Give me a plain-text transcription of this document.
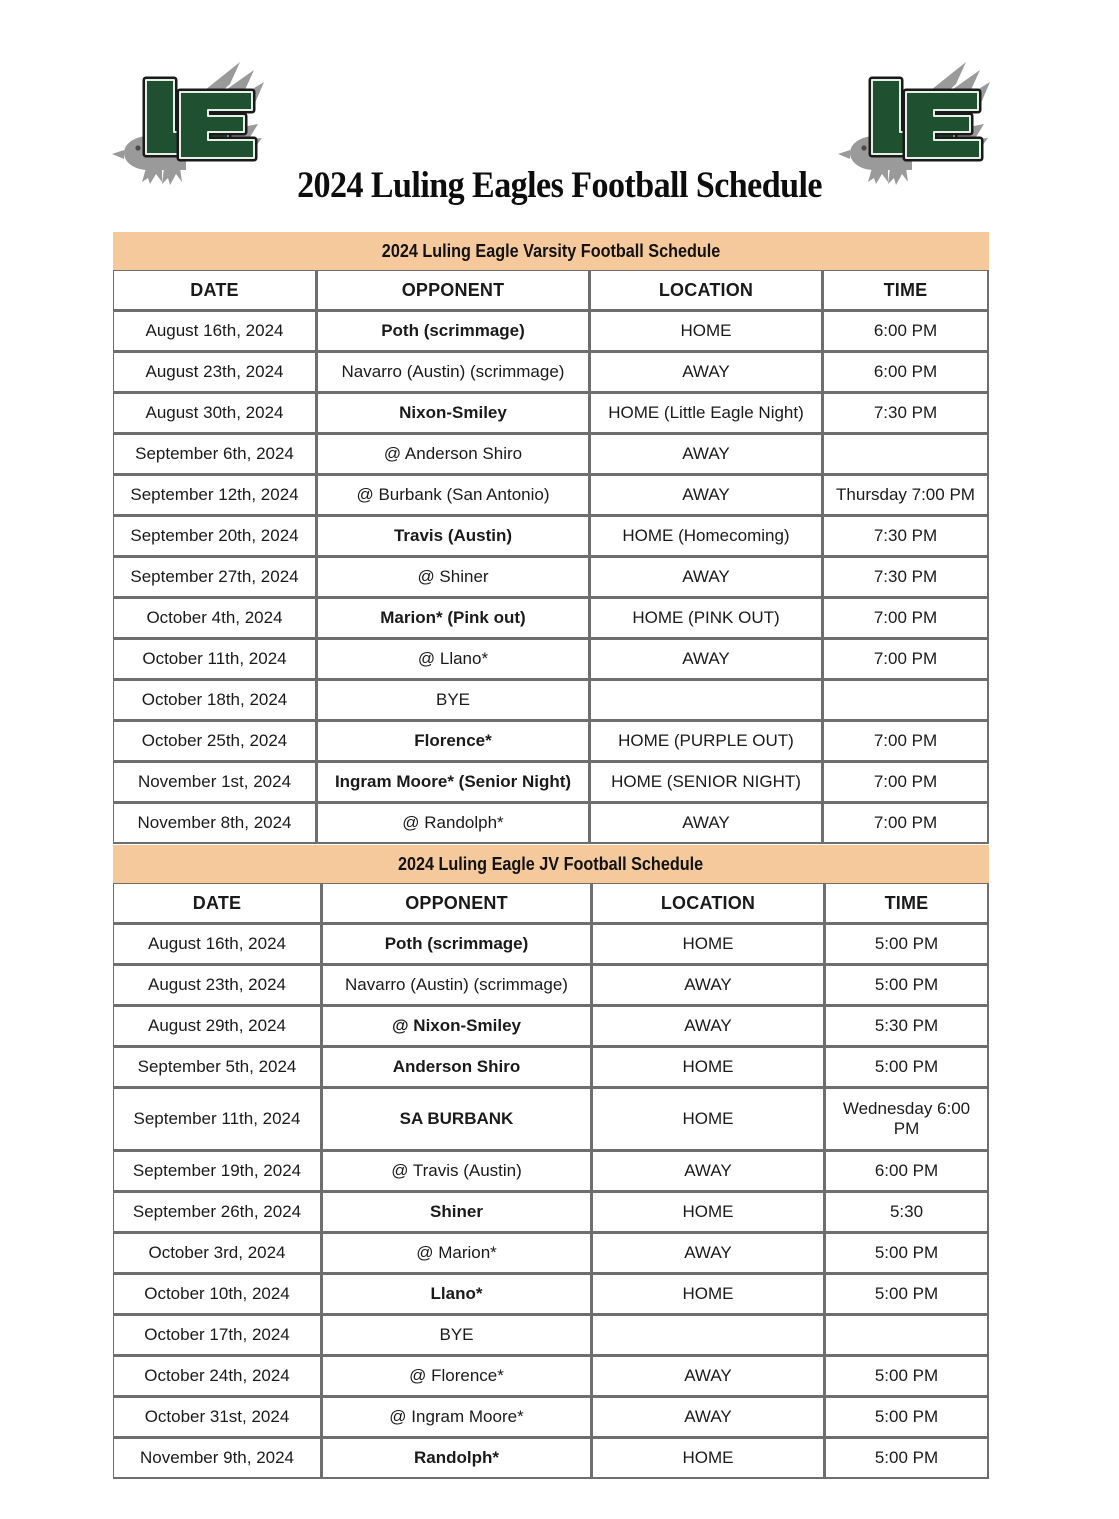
2024 Luling Eagles Football Schedule
2024 Luling Eagle Varsity Football Schedule
DATE	OPPONENT	LOCATION	TIME
August 16th, 2024	Poth (scrimmage)	HOME	6:00 PM
August 23th, 2024	Navarro (Austin) (scrimmage)	AWAY	6:00 PM
August 30th, 2024	Nixon-Smiley	HOME (Little Eagle Night)	7:30 PM
September 6th, 2024	@ Anderson Shiro	AWAY	
September 12th, 2024	@ Burbank (San Antonio)	AWAY	Thursday 7:00 PM
September 20th, 2024	Travis (Austin)	HOME (Homecoming)	7:30 PM
September 27th, 2024	@ Shiner	AWAY	7:30 PM
October 4th, 2024	Marion* (Pink out)	HOME (PINK OUT)	7:00 PM
October 11th, 2024	@ Llano*	AWAY	7:00 PM
October 18th, 2024	BYE		
October 25th, 2024	Florence*	HOME (PURPLE OUT)	7:00 PM
November 1st, 2024	Ingram Moore* (Senior Night)	HOME (SENIOR NIGHT)	7:00 PM
November 8th, 2024	@ Randolph*	AWAY	7:00 PM
2024 Luling Eagle JV Football Schedule
DATE	OPPONENT	LOCATION	TIME
August 16th, 2024	Poth (scrimmage)	HOME	5:00 PM
August 23th, 2024	Navarro (Austin) (scrimmage)	AWAY	5:00 PM
August 29th, 2024	@ Nixon-Smiley	AWAY	5:30 PM
September 5th, 2024	Anderson Shiro	HOME	5:00 PM
September 11th, 2024	SA BURBANK	HOME	Wednesday 6:00 PM
September 19th, 2024	@ Travis (Austin)	AWAY	6:00 PM
September 26th, 2024	Shiner	HOME	5:30
October 3rd, 2024	@ Marion*	AWAY	5:00 PM
October 10th, 2024	Llano*	HOME	5:00 PM
October 17th, 2024	BYE		
October 24th, 2024	@ Florence*	AWAY	5:00 PM
October 31st, 2024	@ Ingram Moore*	AWAY	5:00 PM
November 9th, 2024	Randolph*	HOME	5:00 PM
